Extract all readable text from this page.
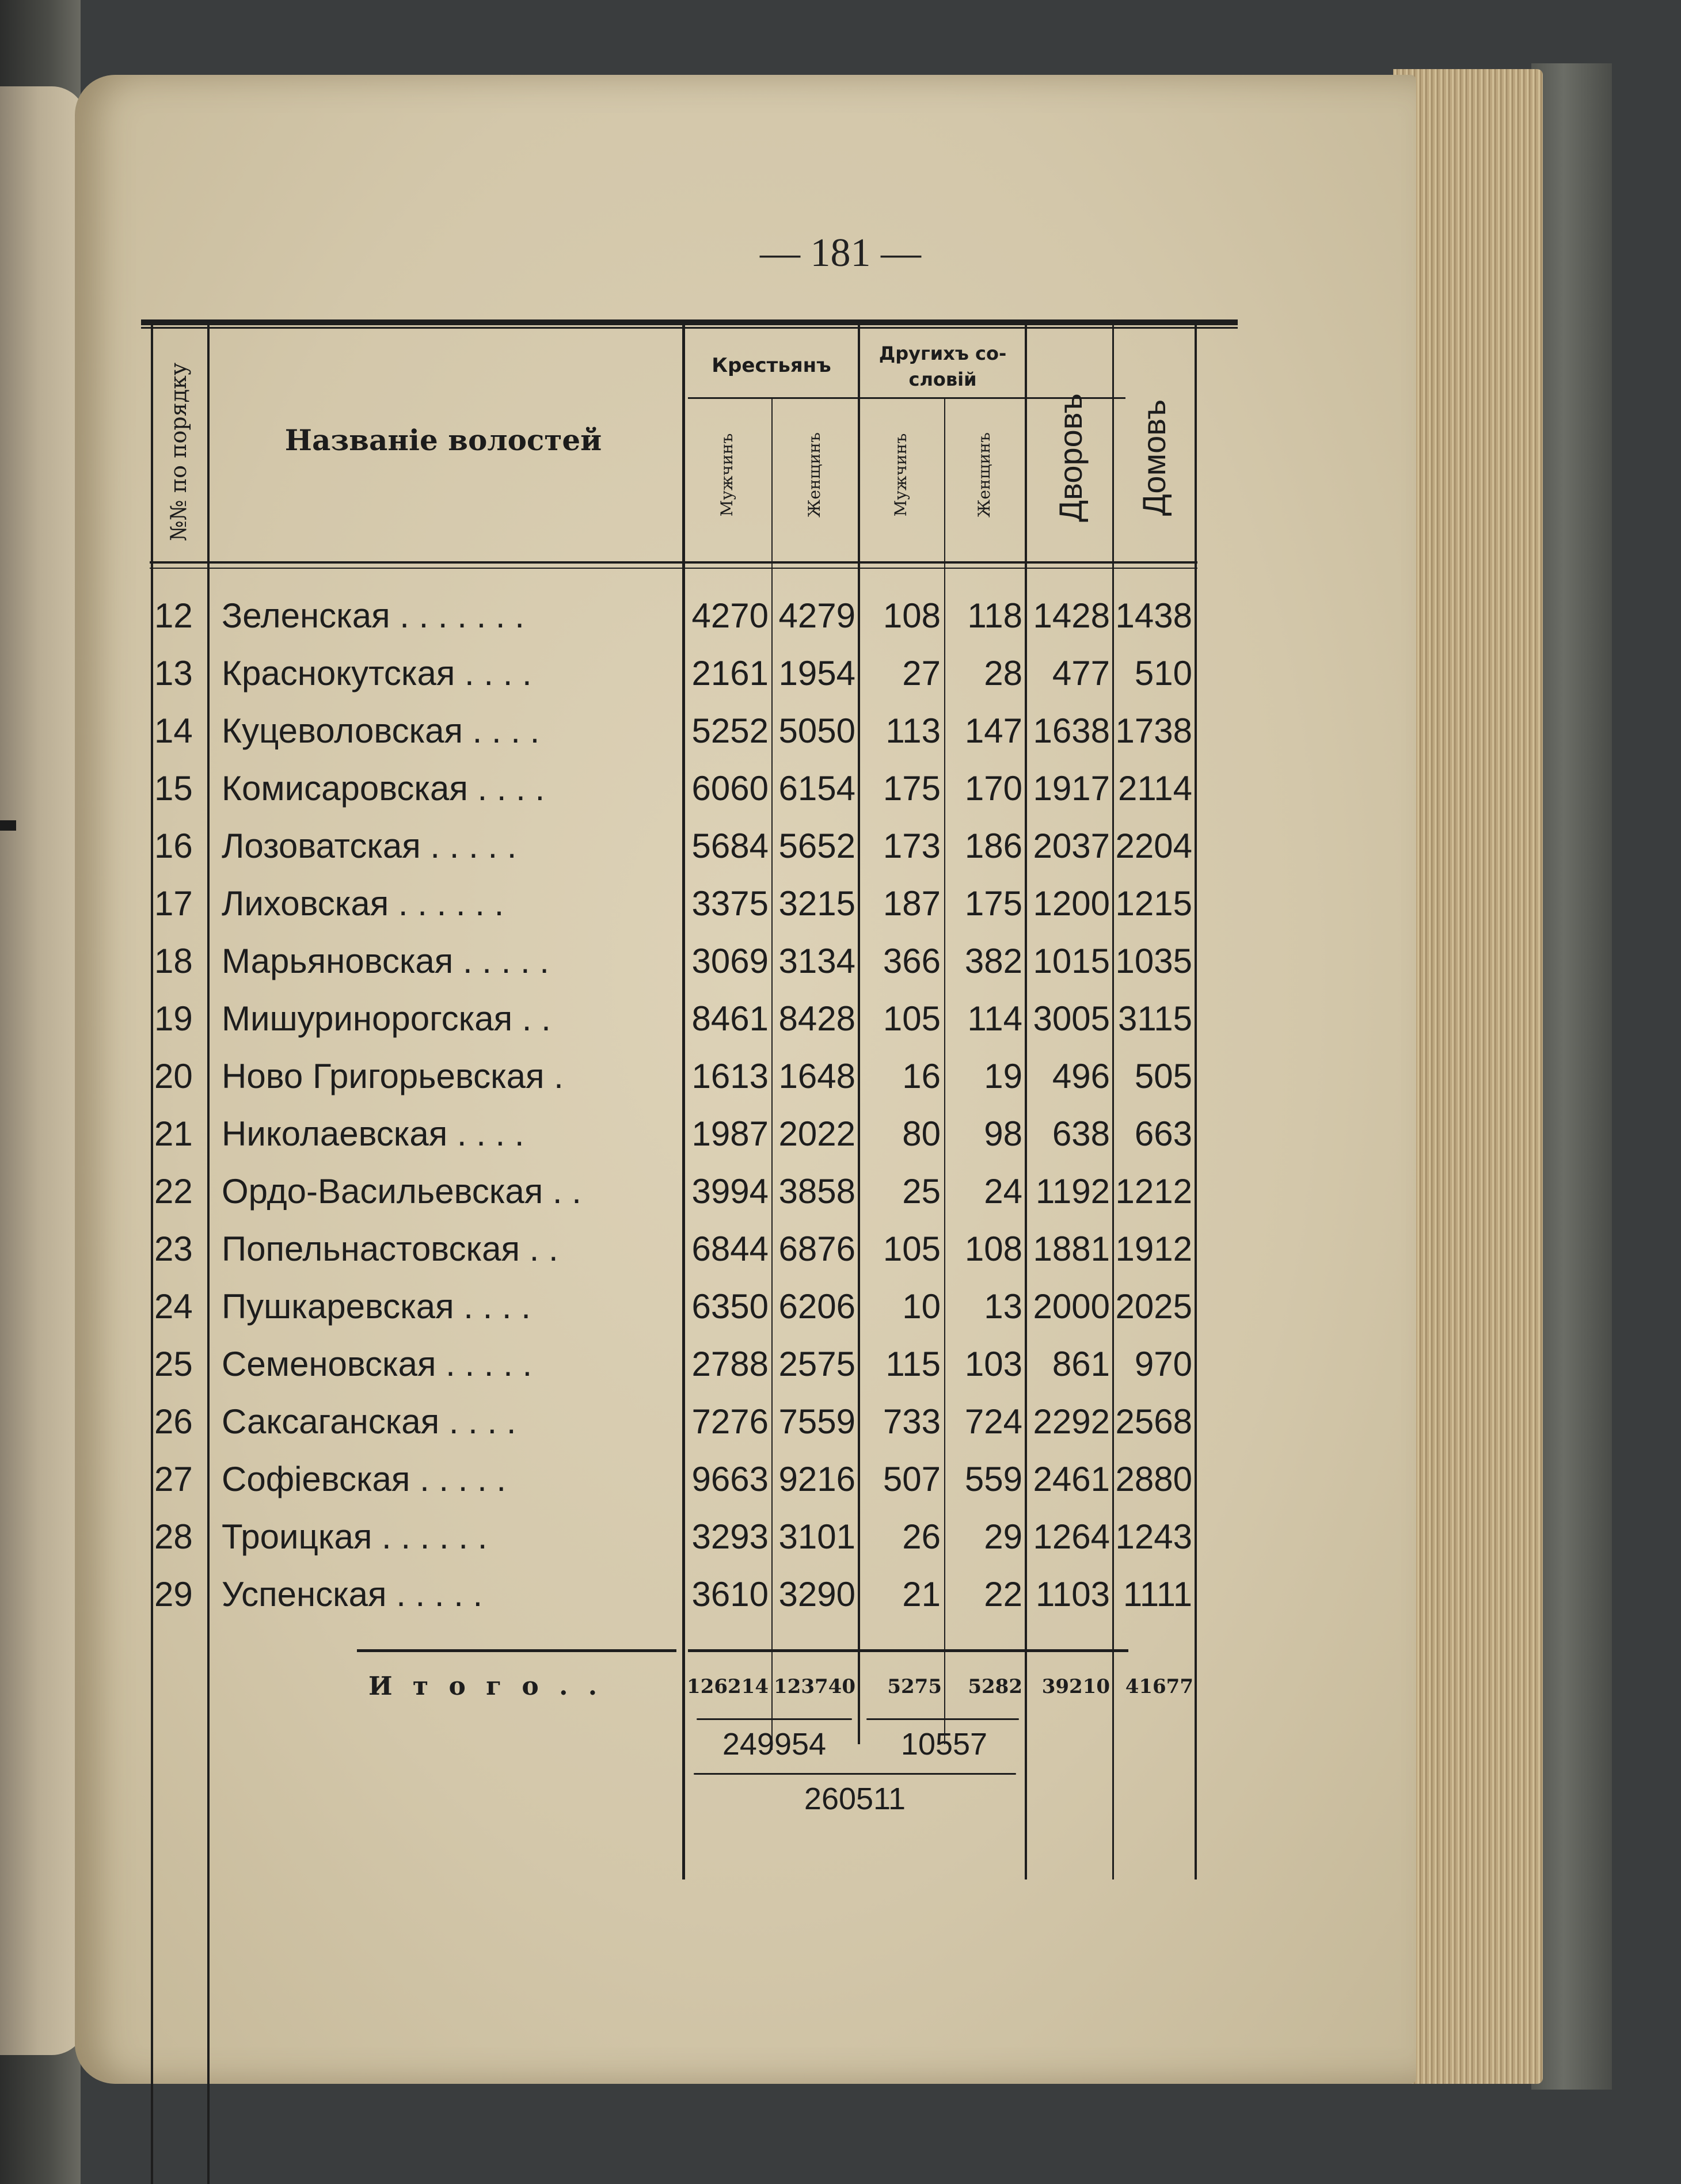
— 181 —
№№ по порядку	Названіе волостей
Крестьянъ
Другихъ со-
словій
Мужчинъ	Женщинъ	Мужчинъ	Женщинъ Дворовъ Домовъ
12 Зеленская . . . . . . .	4270 4279 108 118 1428 1438
13 Краснокутская . . . .	2161 1954	27	28 477 510
14 Куцеволовская . . . .	5252 5050 113 147 1638 1738
15 Комисаровская . . . .	6060 6154 175 170 1917 2114
16 Лозоватская . . . . .	5684 5652 173 186 2037 2204
17 Лиховская . . . . . .	3375 3215 187 175 1200 1215
18 Марьяновская . . . . .	3069 3134 366 382 1015 1035
19 Мишуринорогская . .	8461 8428 105 114 3005 3115
20 Ново Григорьевская .	1613 1648	16	19 496 505
21 Николаевская . . . .	1987 2022	80	98 638 663
22 Ордо-Васильевская . .	3994 3858	25	24 1192 1212
23 Попельнастовская . .	6844 6876 105 108 1881 1912
24 Пушкаревская . . . .	6350 6206	10	13 2000 2025
25 Семеновская . . . . .	2788 2575 115 103 861 970
26 Саксаганская . . . .	7276 7559 733 724 2292 2568
27 Софіевская . . . . .	9663 9216 507 559 2461 2880
28 Троицкая . . . . . .	3293 3101	26	29 1264 1243
29 Успенская . . . . .	3610 3290	21	22 1103 1111
И т о г о . .	126214 123740	5275	5282 39210 41677
249954	10557
260511
